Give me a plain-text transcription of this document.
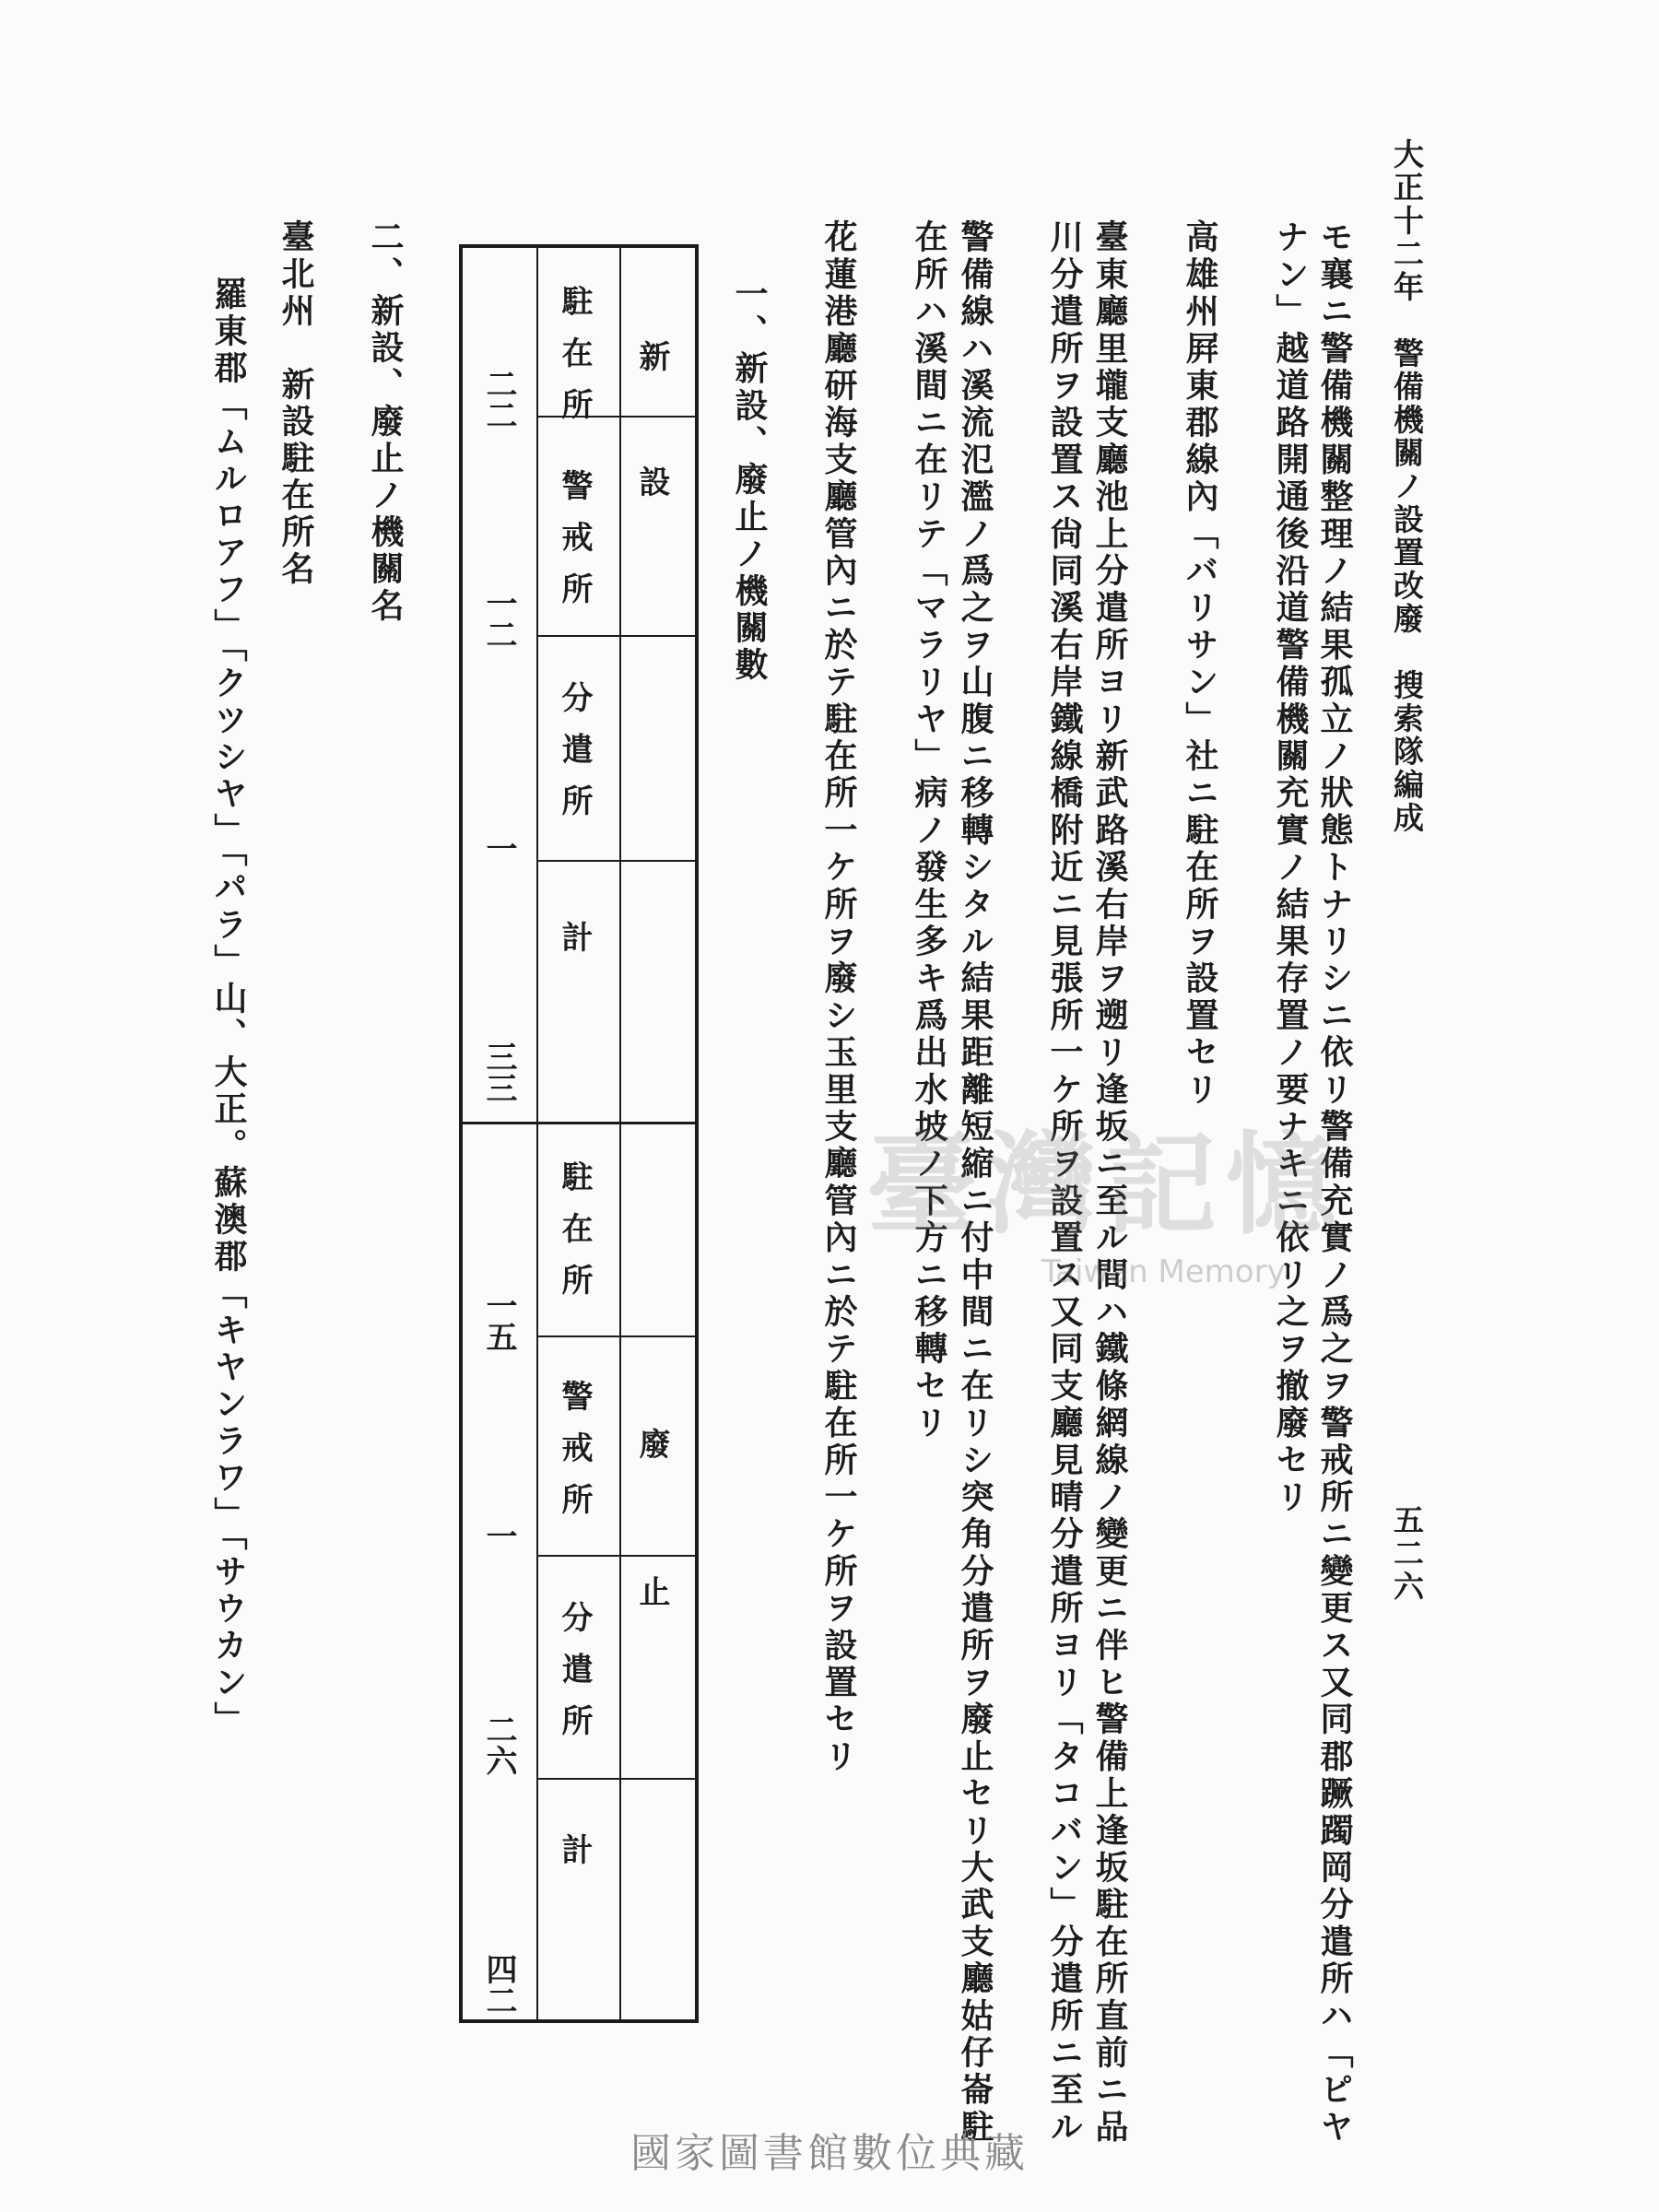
大正十二年　警備機關ノ設置改廢　搜索隊編成
五二六
モ襄ニ警備機關整理ノ結果孤立ノ狀態トナリシニ依リ警備充實ノ爲之ヲ警戒所ニ變更ス又同郡蹶躅岡分遣所ハ「ピヤ
ナン」越道路開通後沿道警備機關充實ノ結果存置ノ要ナキニ依リ之ヲ撤廢セリ
高雄州屛東郡線內「バリサン」社ニ駐在所ヲ設置セリ
臺東廳里壠支廳池上分遣所ヨリ新武路溪右岸ヲ遡リ逢坂ニ至ル間ハ鐵條網線ノ變更ニ伴ヒ警備上逢坂駐在所直前ニ品
川分遣所ヲ設置ス尙同溪右岸鐵線橋附近ニ見張所一ケ所ヲ設置ス又同支廳見晴分遣所ヨリ「タコバン」分遣所ニ至ル
警備線ハ溪流氾濫ノ爲之ヲ山腹ニ移轉シタル結果距離短縮ニ付中間ニ在リシ突角分遣所ヲ廢止セリ大武支廳姑仔崙駐
在所ハ溪間ニ在リテ「マラリヤ」病ノ發生多キ爲出水坡ノ下方ニ移轉セリ
花蓮港廳研海支廳管內ニ於テ駐在所一ケ所ヲ廢シ玉里支廳管內ニ於テ駐在所一ケ所ヲ設置セリ
一、新設、廢止ノ機關數
新　　　設
廢　　　止
駐在所
警戒所
分遣所
計
駐在所
警戒所
分遣所
計
二二
一二
一
三三
一五
一
二六
四二
二、新設、廢止ノ機關名
臺北州　新設駐在所名
羅東郡「ムルロアフ」「クツシヤ」「パラ」山、大正。蘇澳郡「キヤンラワ」「サウカン」	臺灣記憶
Taiwan Memory
國家圖書館數位典藏
